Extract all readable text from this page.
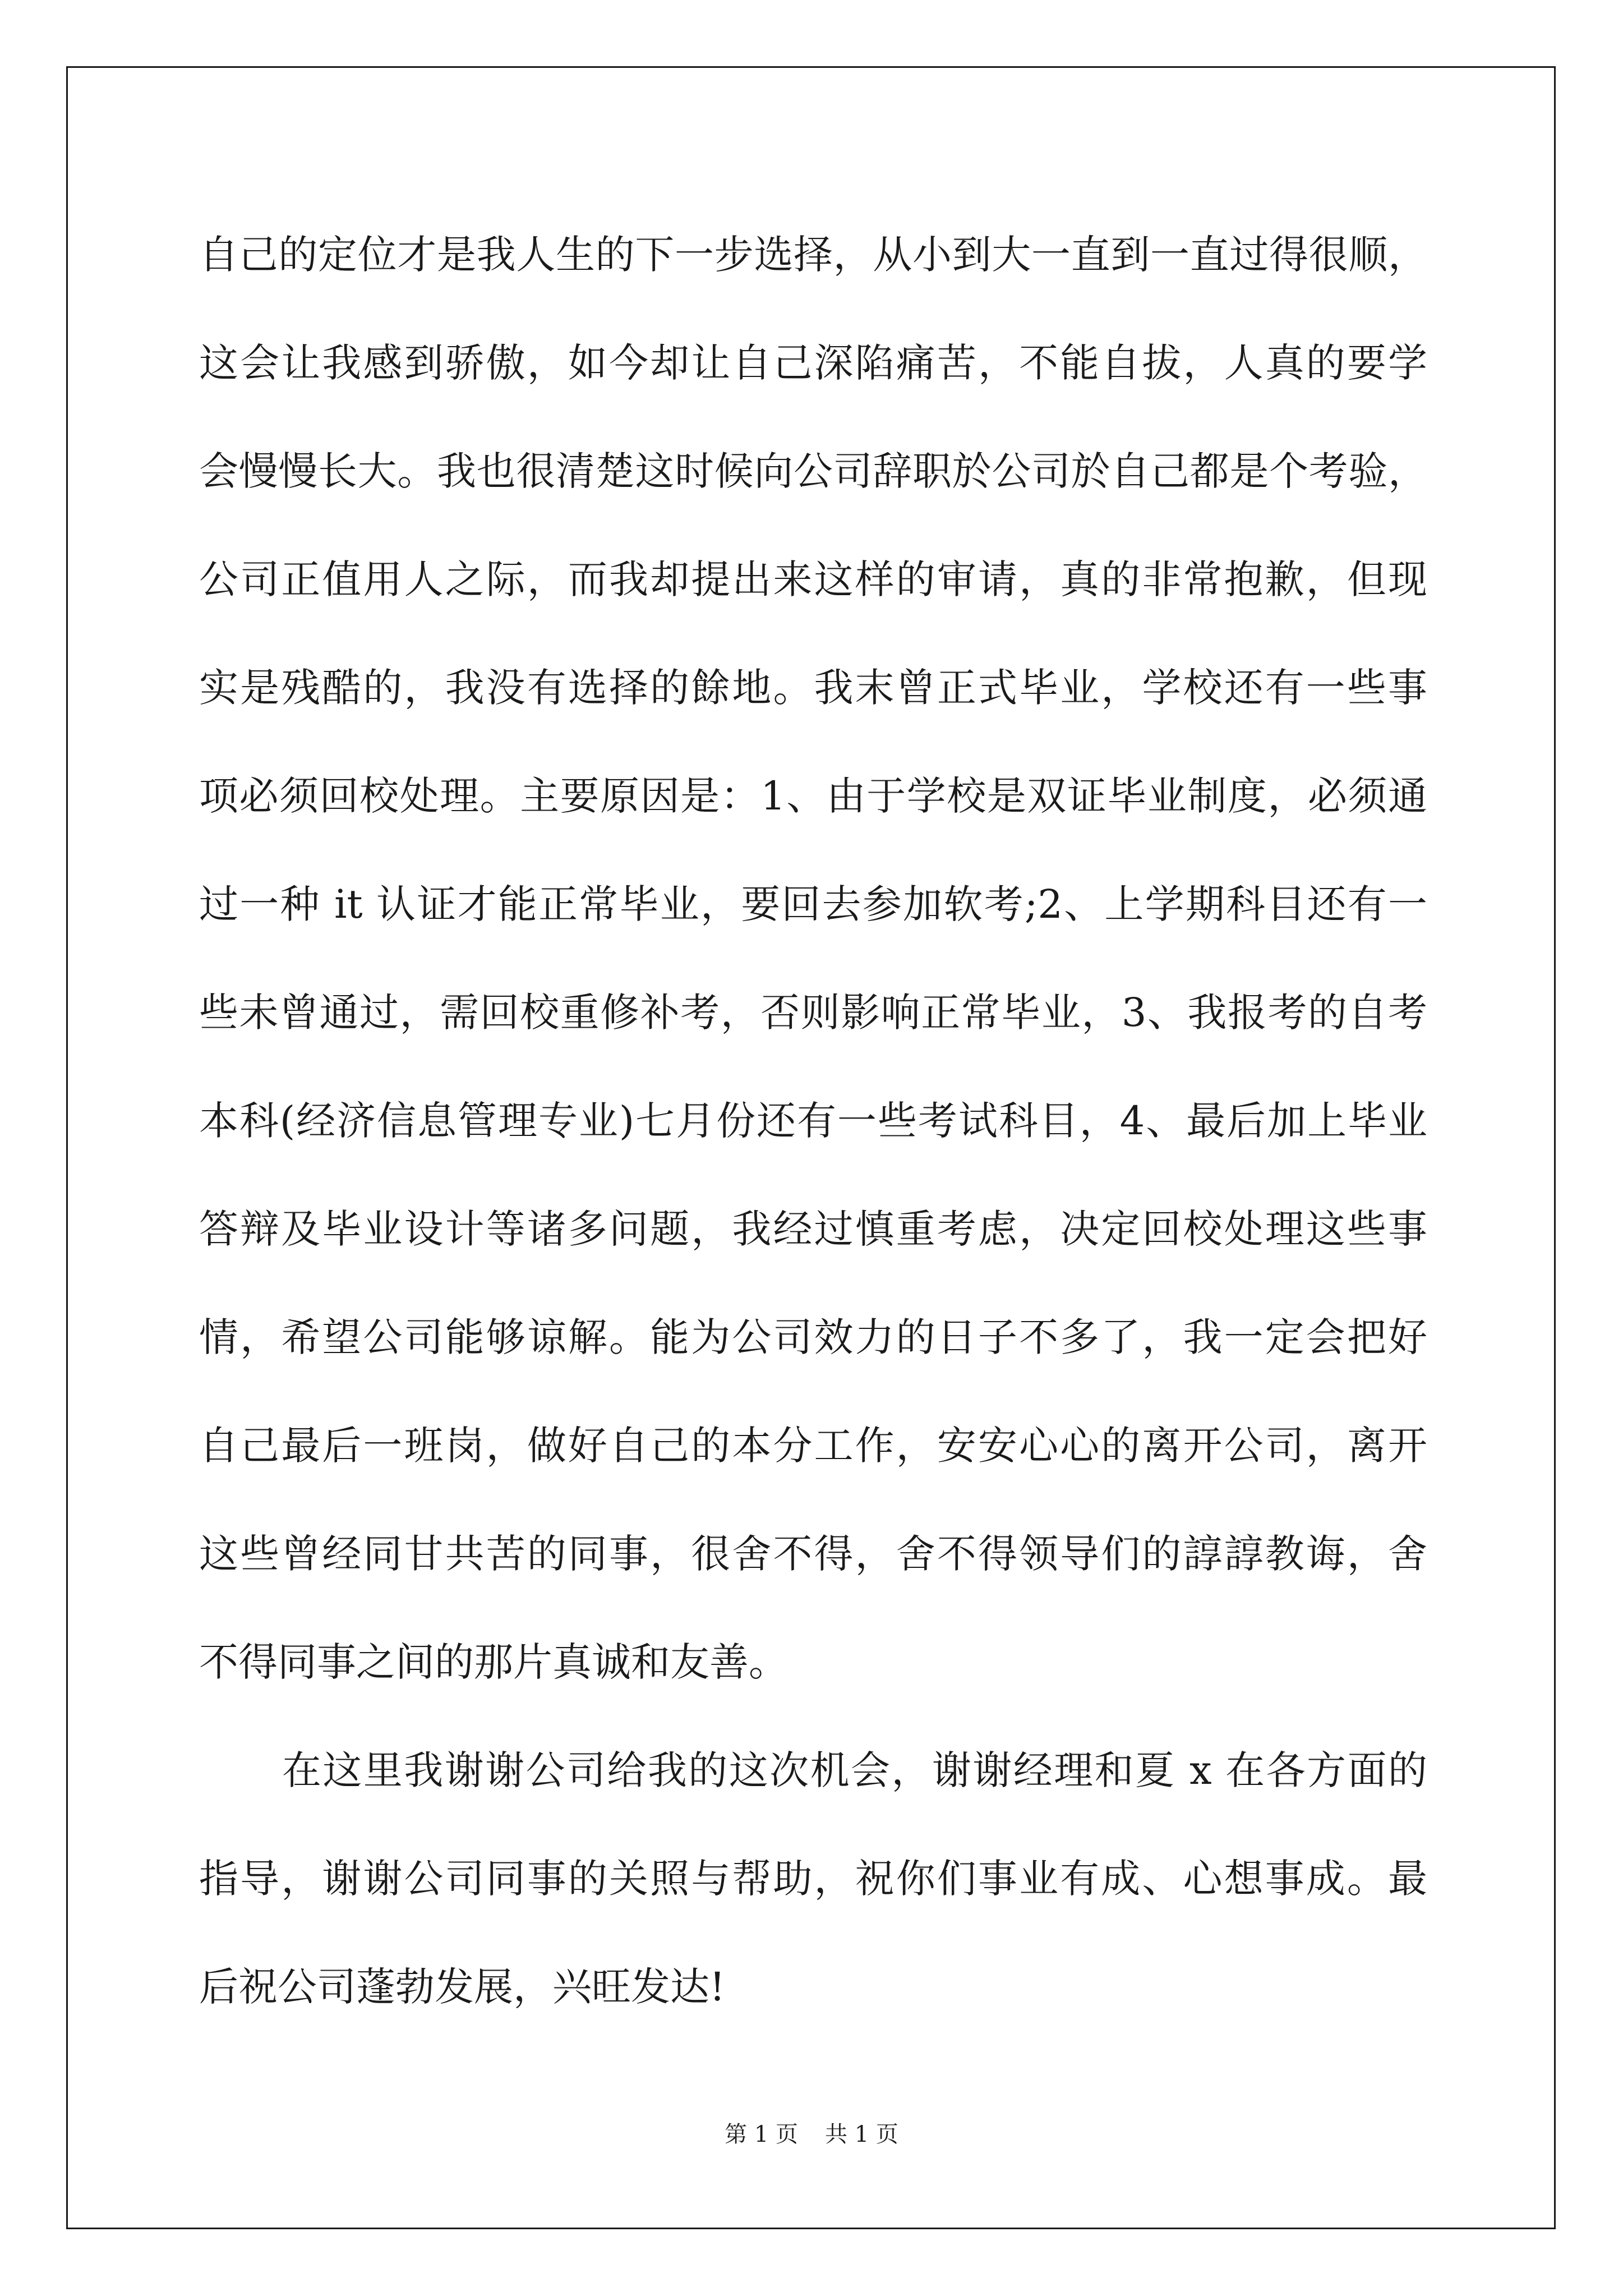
自己的定位才是我人生的下一步选择，从小到大一直到一直过得很顺，
这会让我感到骄傲，如今却让自己深陷痛苦，不能自拔，人真的要学
会慢慢长大。我也很清楚这时候向公司辞职於公司於自己都是个考验，
公司正值用人之际，而我却提出来这样的审请，真的非常抱歉，但现
实是残酷的，我没有选择的餘地。我末曾正式毕业，学校还有一些事
项必须回校处理。主要原因是：1、由于学校是双证毕业制度，必须通
过一种 it 认证才能正常毕业，要回去参加软考;2、上学期科目还有一
些未曾通过，需回校重修补考，否则影响正常毕业，3、我报考的自考
本科(经济信息管理专业)七月份还有一些考试科目，4、最后加上毕业
答辩及毕业设计等诸多问题，我经过慎重考虑，决定回校处理这些事
情，希望公司能够谅解。能为公司效力的日子不多了，我一定会把好
自己最后一班岗，做好自己的本分工作，安安心心的离开公司，离开
这些曾经同甘共苦的同事，很舍不得，舍不得领导们的諄諄教诲，舍
不得同事之间的那片真诚和友善。
在这里我谢谢公司给我的这次机会，谢谢经理和夏 x 在各方面的
指导，谢谢公司同事的关照与帮助，祝你们事业有成、心想事成。最
后祝公司蓬勃发展，兴旺发达!
第 1 页 共 1 页
